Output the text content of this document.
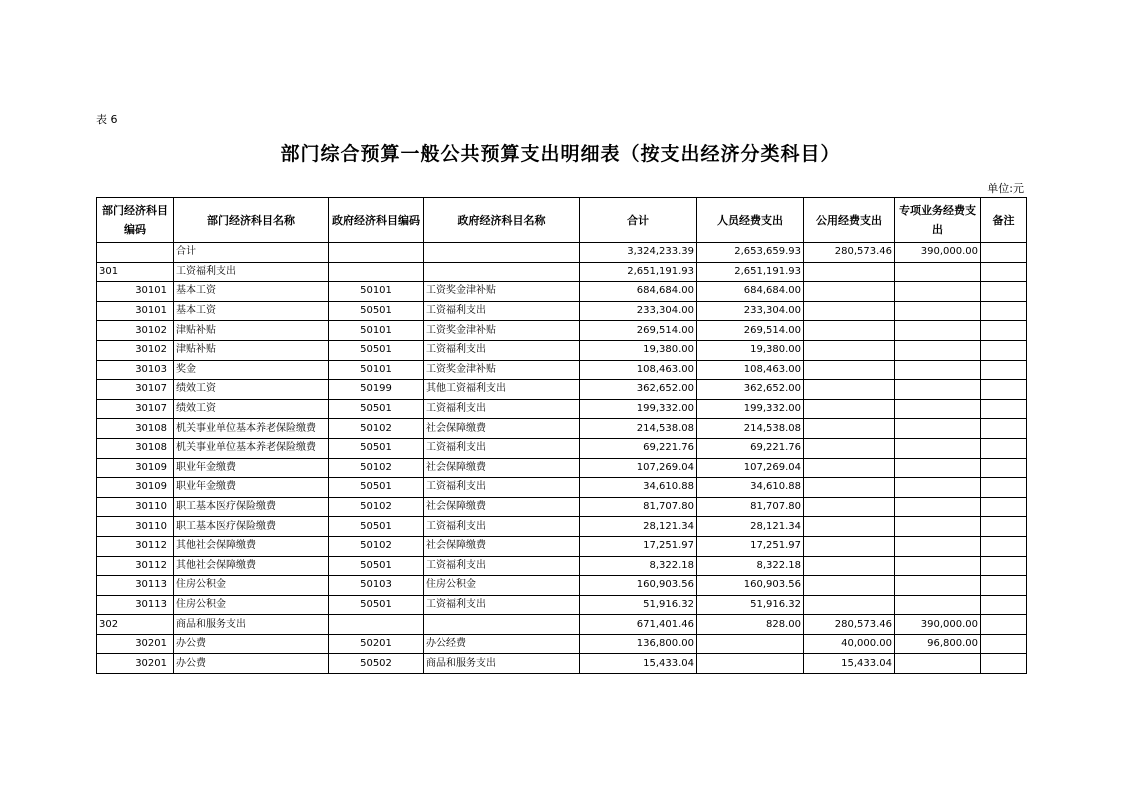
表 6
部门综合预算一般公共预算支出明细表（按支出经济分类科目）
单位:元
部门经济科目编码	部门经济科目名称	政府经济科目编码	政府经济科目名称	合计	人员经费支出	公用经费支出	专项业务经费支出	备注
	合计			3,324,233.39	2,653,659.93	280,573.46	390,000.00	
301	工资福利支出			2,651,191.93	2,651,191.93			
30101	基本工资	50101	工资奖金津补贴	684,684.00	684,684.00			
30101	基本工资	50501	工资福利支出	233,304.00	233,304.00			
30102	津贴补贴	50101	工资奖金津补贴	269,514.00	269,514.00			
30102	津贴补贴	50501	工资福利支出	19,380.00	19,380.00			
30103	奖金	50101	工资奖金津补贴	108,463.00	108,463.00			
30107	绩效工资	50199	其他工资福利支出	362,652.00	362,652.00			
30107	绩效工资	50501	工资福利支出	199,332.00	199,332.00			
30108	机关事业单位基本养老保险缴费	50102	社会保障缴费	214,538.08	214,538.08			
30108	机关事业单位基本养老保险缴费	50501	工资福利支出	69,221.76	69,221.76			
30109	职业年金缴费	50102	社会保障缴费	107,269.04	107,269.04			
30109	职业年金缴费	50501	工资福利支出	34,610.88	34,610.88			
30110	职工基本医疗保险缴费	50102	社会保障缴费	81,707.80	81,707.80			
30110	职工基本医疗保险缴费	50501	工资福利支出	28,121.34	28,121.34			
30112	其他社会保障缴费	50102	社会保障缴费	17,251.97	17,251.97			
30112	其他社会保障缴费	50501	工资福利支出	8,322.18	8,322.18			
30113	住房公积金	50103	住房公积金	160,903.56	160,903.56			
30113	住房公积金	50501	工资福利支出	51,916.32	51,916.32			
302	商品和服务支出			671,401.46	828.00	280,573.46	390,000.00	
30201	办公费	50201	办公经费	136,800.00		40,000.00	96,800.00	
30201	办公费	50502	商品和服务支出	15,433.04		15,433.04		
